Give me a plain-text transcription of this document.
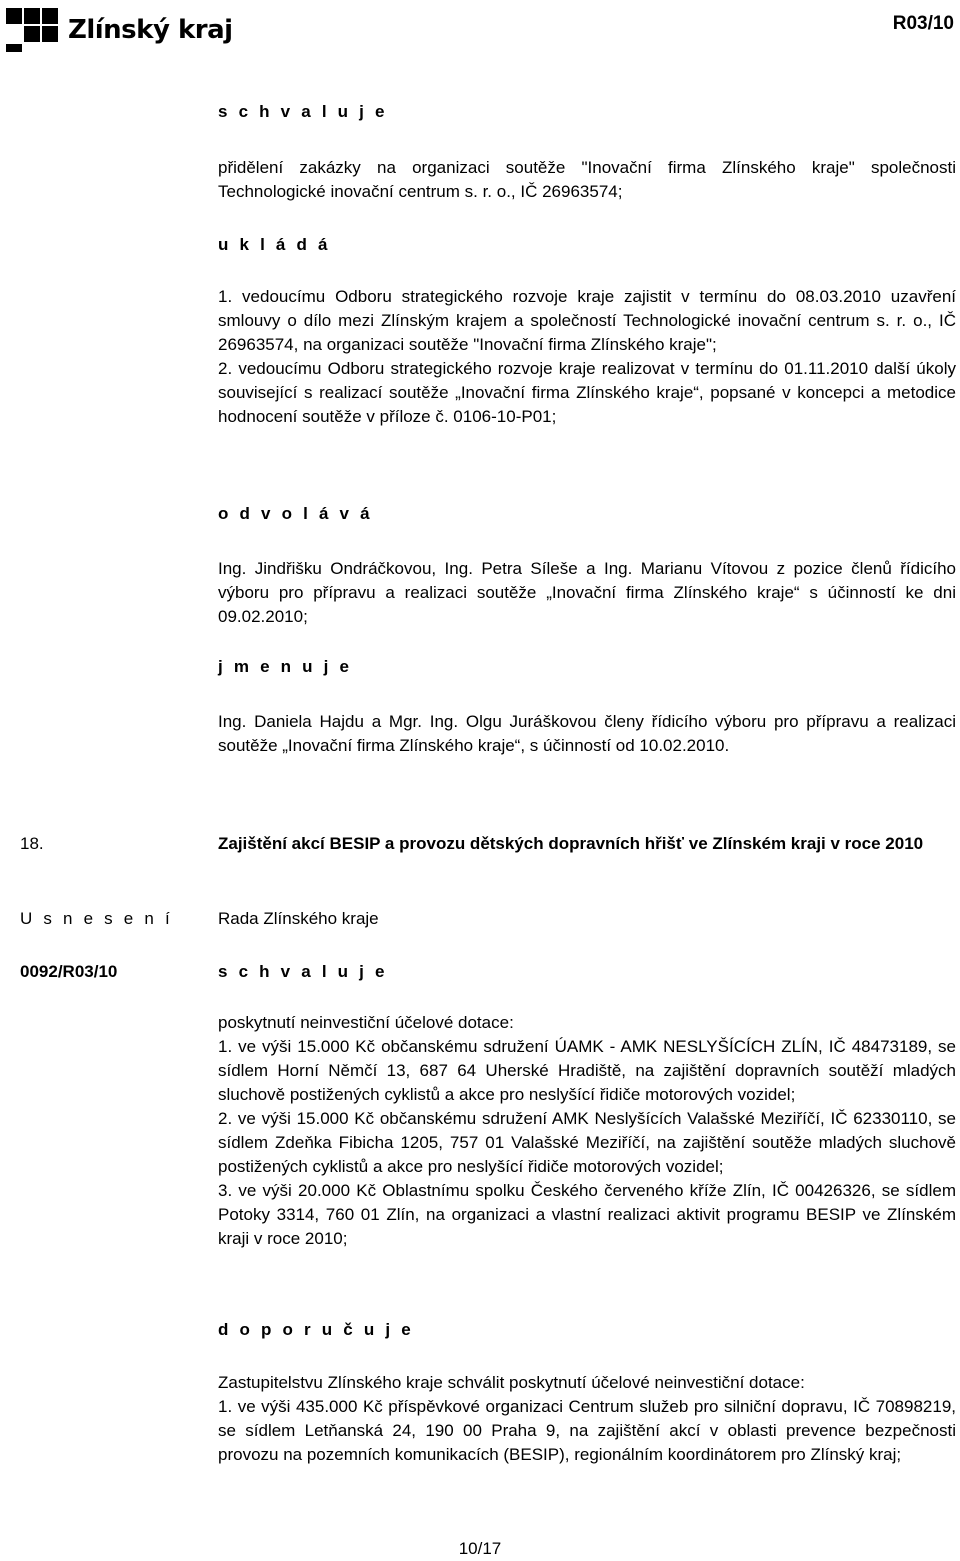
Zlínský kraj	R03/10
s c h v a l u j e

přidělení zakázky na organizaci soutěže "Inovační firma Zlínského kraje" společnosti Technologické inovační centrum s. r. o., IČ 26963574;

u k l á d á

1. vedoucímu Odboru strategického rozvoje kraje zajistit v termínu do 08.03.2010 uzavření smlouvy o dílo mezi Zlínským krajem a společností Technologické inovační centrum s. r. o., IČ 26963574, na organizaci soutěže "Inovační firma Zlínského kraje";

2. vedoucímu Odboru strategického rozvoje kraje realizovat v termínu do 01.11.2010 další úkoly související s realizací soutěže „Inovační firma Zlínského kraje“, popsané v koncepci a metodice hodnocení soutěže v příloze č. 0106-10-P01;

o d v o l á v á

Ing. Jindřišku Ondráčkovou, Ing. Petra Síleše a Ing. Marianu Vítovou z pozice členů řídicího výboru pro přípravu a realizaci soutěže „Inovační firma Zlínského kraje“ s účinností ke dni 09.02.2010;

j m e n u j e

Ing. Daniela Hajdu a Mgr. Ing. Olgu Juráškovou členy řídicího výboru pro přípravu a realizaci soutěže „Inovační firma Zlínského kraje“, s účinností od 10.02.2010.

18.	Zajištění akcí BESIP a provozu dětských dopravních hřišť ve Zlínském kraji v roce 2010

U s n e s e n í	Rada Zlínského kraje
0092/R03/10	s c h v a l u j e

poskytnutí neinvestiční účelové dotace:

1. ve výši 15.000 Kč občanskému sdružení ÚAMK - AMK NESLYŠÍCÍCH ZLÍN, IČ 48473189, se sídlem Horní Němčí 13, 687 64 Uherské Hradiště, na zajištění dopravních soutěží mladých sluchově postižených cyklistů a akce pro neslyšící řidiče motorových vozidel;

2. ve výši 15.000 Kč občanskému sdružení AMK Neslyšících Valašské Meziříčí, IČ 62330110, se sídlem Zdeňka Fibicha 1205, 757 01 Valašské Meziříčí, na zajištění soutěže mladých sluchově postižených cyklistů a akce pro neslyšící řidiče motorových vozidel;

3. ve výši 20.000 Kč Oblastnímu spolku Českého červeného kříže Zlín, IČ 00426326, se sídlem Potoky 3314, 760 01 Zlín, na organizaci a vlastní realizaci aktivit programu BESIP ve Zlínském kraji v roce 2010;

d o p o r u č u j e

Zastupitelstvu Zlínského kraje schválit poskytnutí účelové neinvestiční dotace:

1. ve výši 435.000 Kč příspěvkové organizaci Centrum služeb pro silniční dopravu, IČ 70898219, se sídlem Letňanská 24, 190 00 Praha 9, na zajištění akcí v oblasti prevence bezpečnosti provozu na pozemních komunikacích (BESIP), regionálním koordinátorem pro Zlínský kraj;

10/17
